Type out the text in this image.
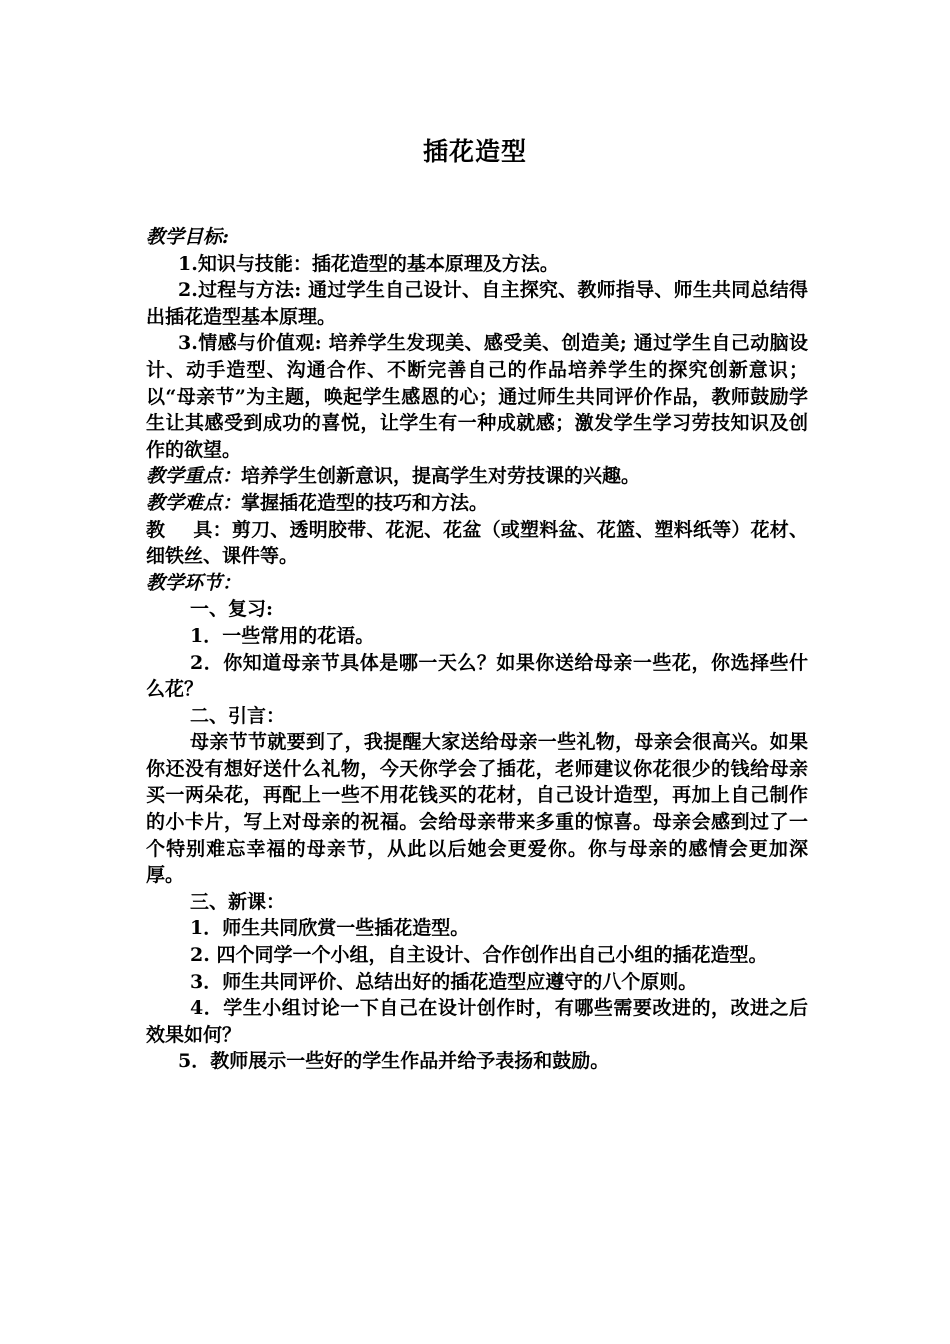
插花造型

教学目标:

1.知识与技能：插花造型的基本原理及方法。

2.过程与方法: 通过学生自己设计、自主探究、教师指导、师生共同总结得出插花造型基本原理。

3.情感与价值观: 培养学生发现美、感受美、创造美; 通过学生自己动脑设计、动手造型、沟通合作、不断完善自己的作品培养学生的探究创新意识；以“母亲节”为主题，唤起学生感恩的心；通过师生共同评价作品，教师鼓励学生让其感受到成功的喜悦，让学生有一种成就感；激发学生学习劳技知识及创作的欲望。

教学重点：培养学生创新意识，提高学生对劳技课的兴趣。

教学难点：掌握插花造型的技巧和方法。

教 具：剪刀、透明胶带、花泥、花盆（或塑料盆、花篮、塑料纸等）花材、细铁丝、课件等。

教学环节：

一、复习:

1．一些常用的花语。

2．你知道母亲节具体是哪一天么？如果你送给母亲一些花，你选择些什么花？

二、引言：

母亲节节就要到了，我提醒大家送给母亲一些礼物，母亲会很高兴。如果你还没有想好送什么礼物，今天你学会了插花，老师建议你花很少的钱给母亲买一两朵花，再配上一些不用花钱买的花材，自己设计造型，再加上自己制作的小卡片，写上对母亲的祝福。会给母亲带来多重的惊喜。母亲会感到过了一个特别难忘幸福的母亲节，从此以后她会更爱你。你与母亲的感情会更加深厚。

三、新课：

1．师生共同欣赏一些插花造型。

2. 四个同学一个小组，自主设计、合作创作出自己小组的插花造型。

3．师生共同评价、总结出好的插花造型应遵守的八个原则。

4．学生小组讨论一下自己在设计创作时，有哪些需要改进的，改进之后效果如何？

5．教师展示一些好的学生作品并给予表扬和鼓励。
